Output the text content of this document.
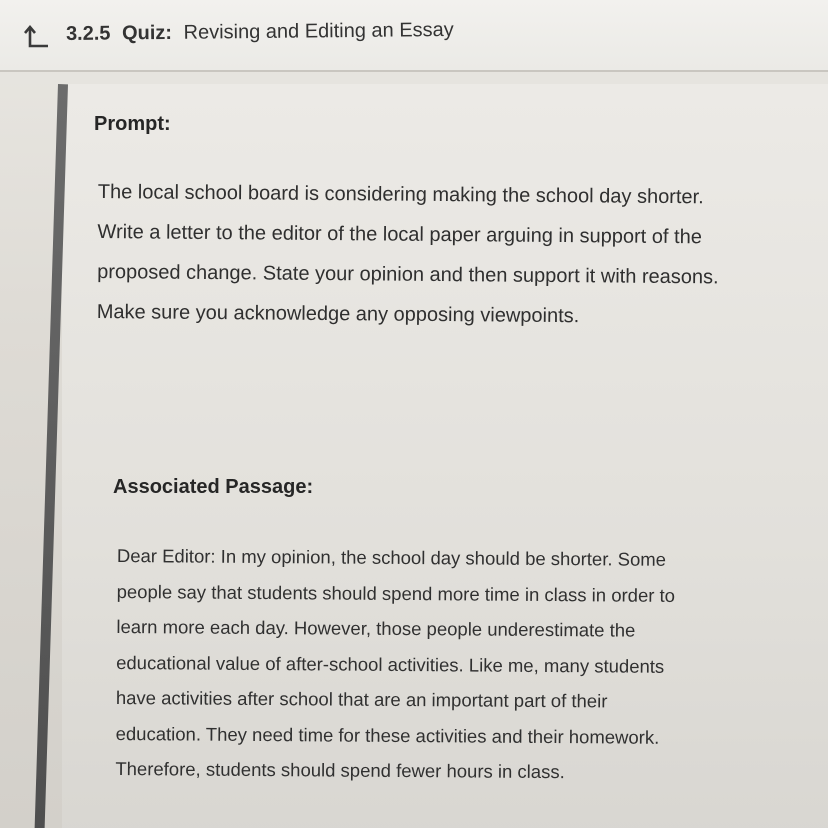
3.2.5 Quiz: Revising and Editing an Essay
Prompt:
The local school board is considering making the school day shorter.
Write a letter to the editor of the local paper arguing in support of the
proposed change. State your opinion and then support it with reasons.
Make sure you acknowledge any opposing viewpoints.
Associated Passage:
Dear Editor: In my opinion, the school day should be shorter. Some
people say that students should spend more time in class in order to
learn more each day. However, those people underestimate the
educational value of after-school activities. Like me, many students
have activities after school that are an important part of their
education. They need time for these activities and their homework.
Therefore, students should spend fewer hours in class.
